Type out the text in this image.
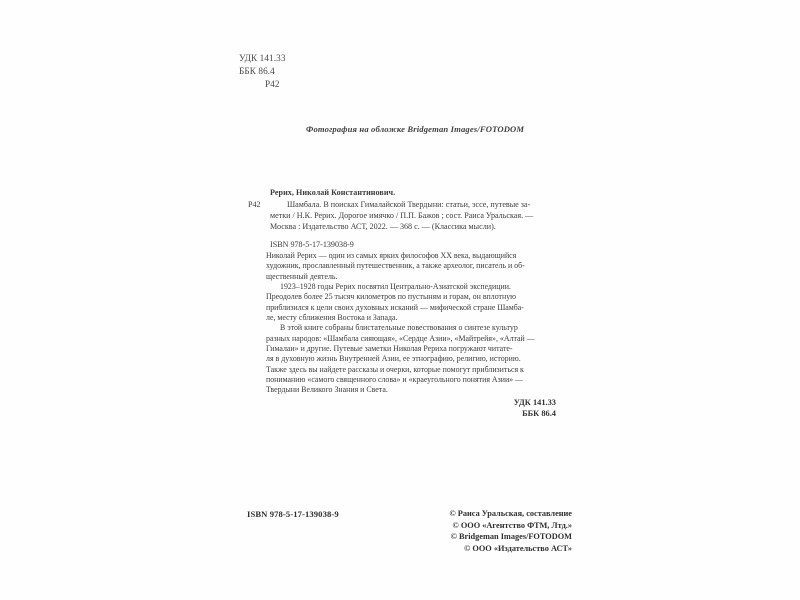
УДК 141.33
ББК 86.4
Р42
Фотография на обложке Bridgeman Images/FOTODOM
Рерих, Николай Константинович.
Р42	Шамбала. В поисках Гималайской Твердыни: статьи, эссе, путевые за-
метки / Н.К. Рерих. Дорогое имячко / П.П. Бажов ; сост. Раиса Уральская. —
Москва : Издательство АСТ, 2022. — 368 с. — (Классика мысли).
ISBN 978-5-17-139038-9

Николай Рерих — один из самых ярких философов XX века, выдающийся
художник, прославленный путешественник, а также археолог, писатель и об-
щественный деятель.

1923–1928 годы Рерих посвятил Центрально-Азиатской экспедиции.
Преодолев более 25 тысяч километров по пустыням и горам, он вплотную
приблизился к цели своих духовных исканий — мифической стране Шамба-
ле, месту сближения Востока и Запада.

В этой книге собраны блистательные повествования о синтезе культур
разных народов: «Шамбала сияющая», «Сердце Азии», «Майтрейя», «Алтай —
Гималаи» и другие. Путевые заметки Николая Рериха погружают читате-
ля в духовную жизнь Внутренней Азии, ее этнографию, религию, историю.
Также здесь вы найдете рассказы и очерки, которые помогут приблизиться к
пониманию «самого священного слова» и «краеугольного понятия Азии» —
Твердыни Великого Знания и Света.

УДК 141.33
ББК 86.4
ISBN 978-5-17-139038-9	© Раиса Уральская, составление
© ООО «Агентство ФТМ, Лтд.»
© Bridgeman Images/FOTODOM
© ООО «Издательство АСТ»
